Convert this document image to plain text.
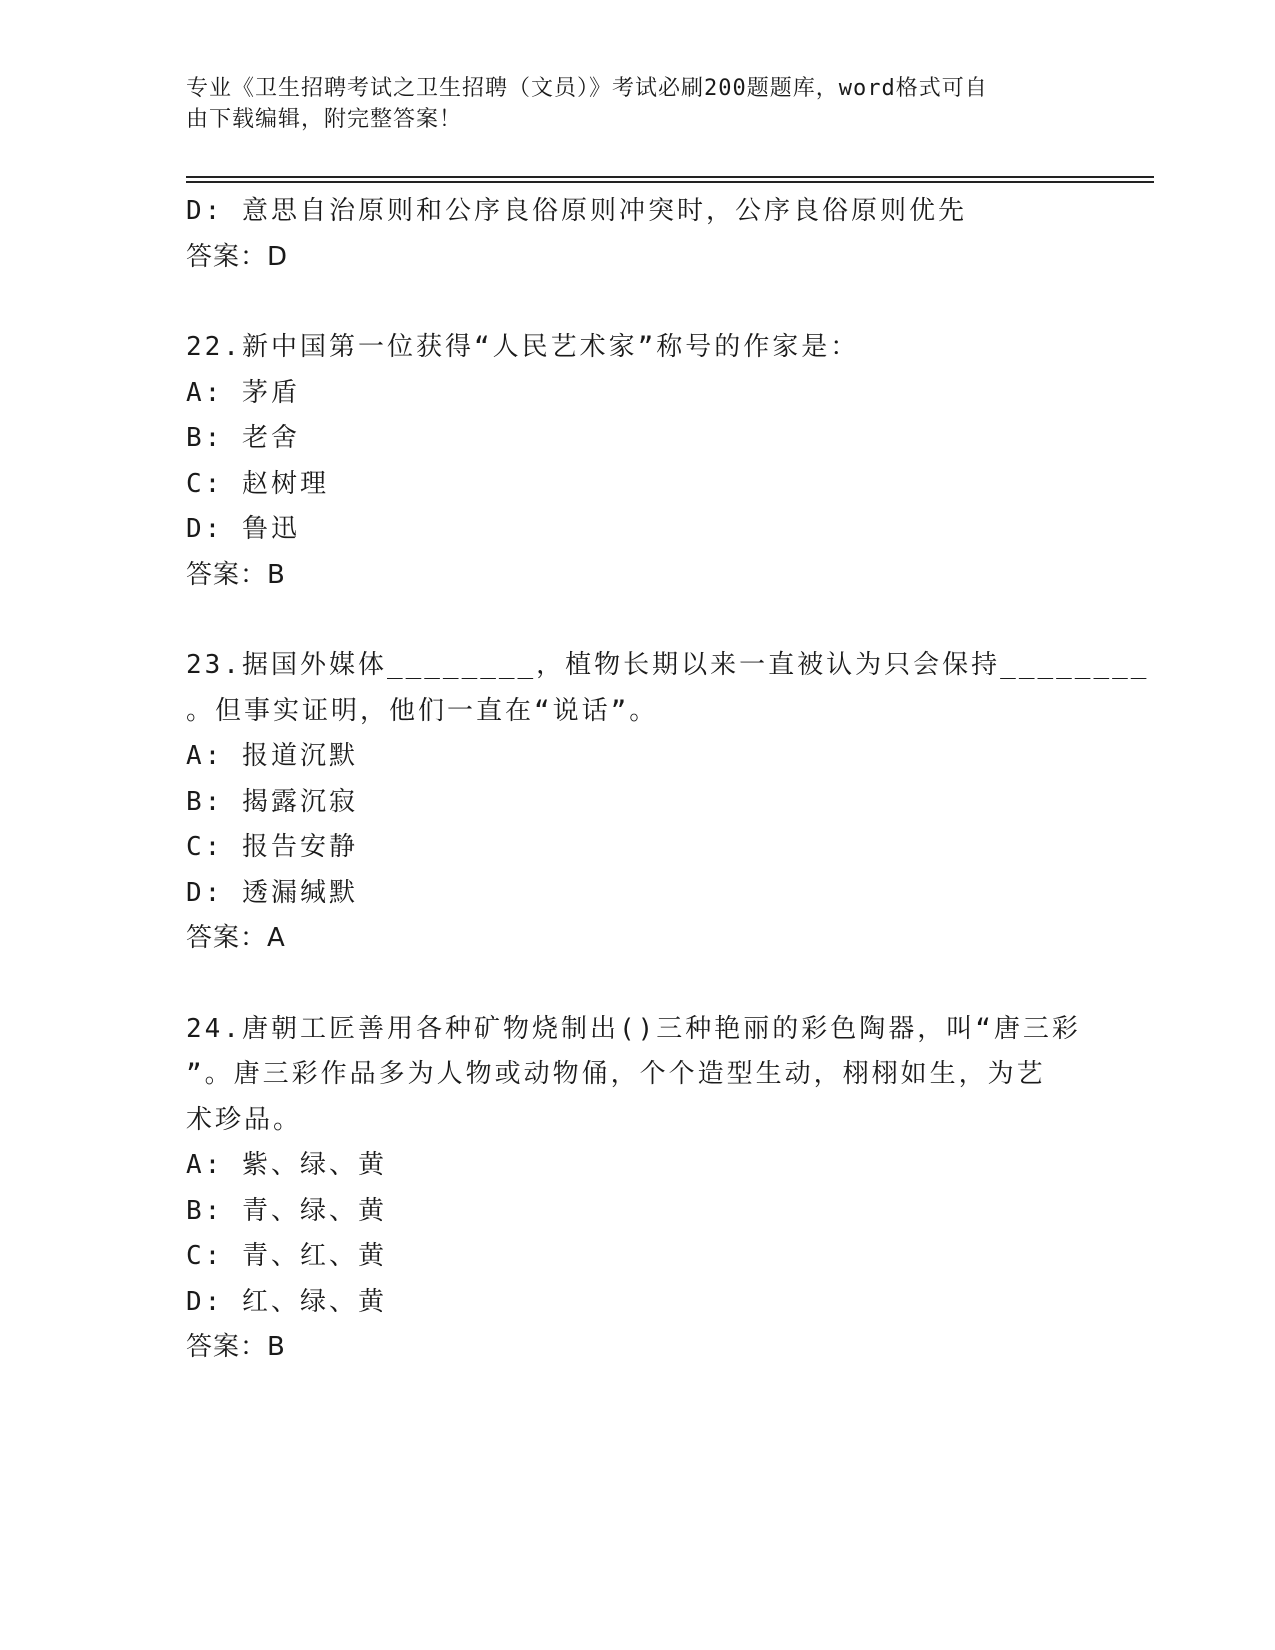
专业《卫生招聘考试之卫生招聘（文员）》考试必刷200题题库，word格式可自
由下载编辑，附完整答案！
D: 意思自治原则和公序良俗原则冲突时，公序良俗原则优先
答案：D
22.新中国第一位获得“人民艺术家”称号的作家是：
A: 茅盾
B: 老舍
C: 赵树理
D: 鲁迅
答案：B
23.据国外媒体________，植物长期以来一直被认为只会保持________
。但事实证明，他们一直在“说话”。
A: 报道沉默
B: 揭露沉寂
C: 报告安静
D: 透漏缄默
答案：A
24.唐朝工匠善用各种矿物烧制出()三种艳丽的彩色陶器，叫“唐三彩
”。唐三彩作品多为人物或动物俑，个个造型生动，栩栩如生，为艺
术珍品。
A: 紫、绿、黄
B: 青、绿、黄
C: 青、红、黄
D: 红、绿、黄
答案：B
